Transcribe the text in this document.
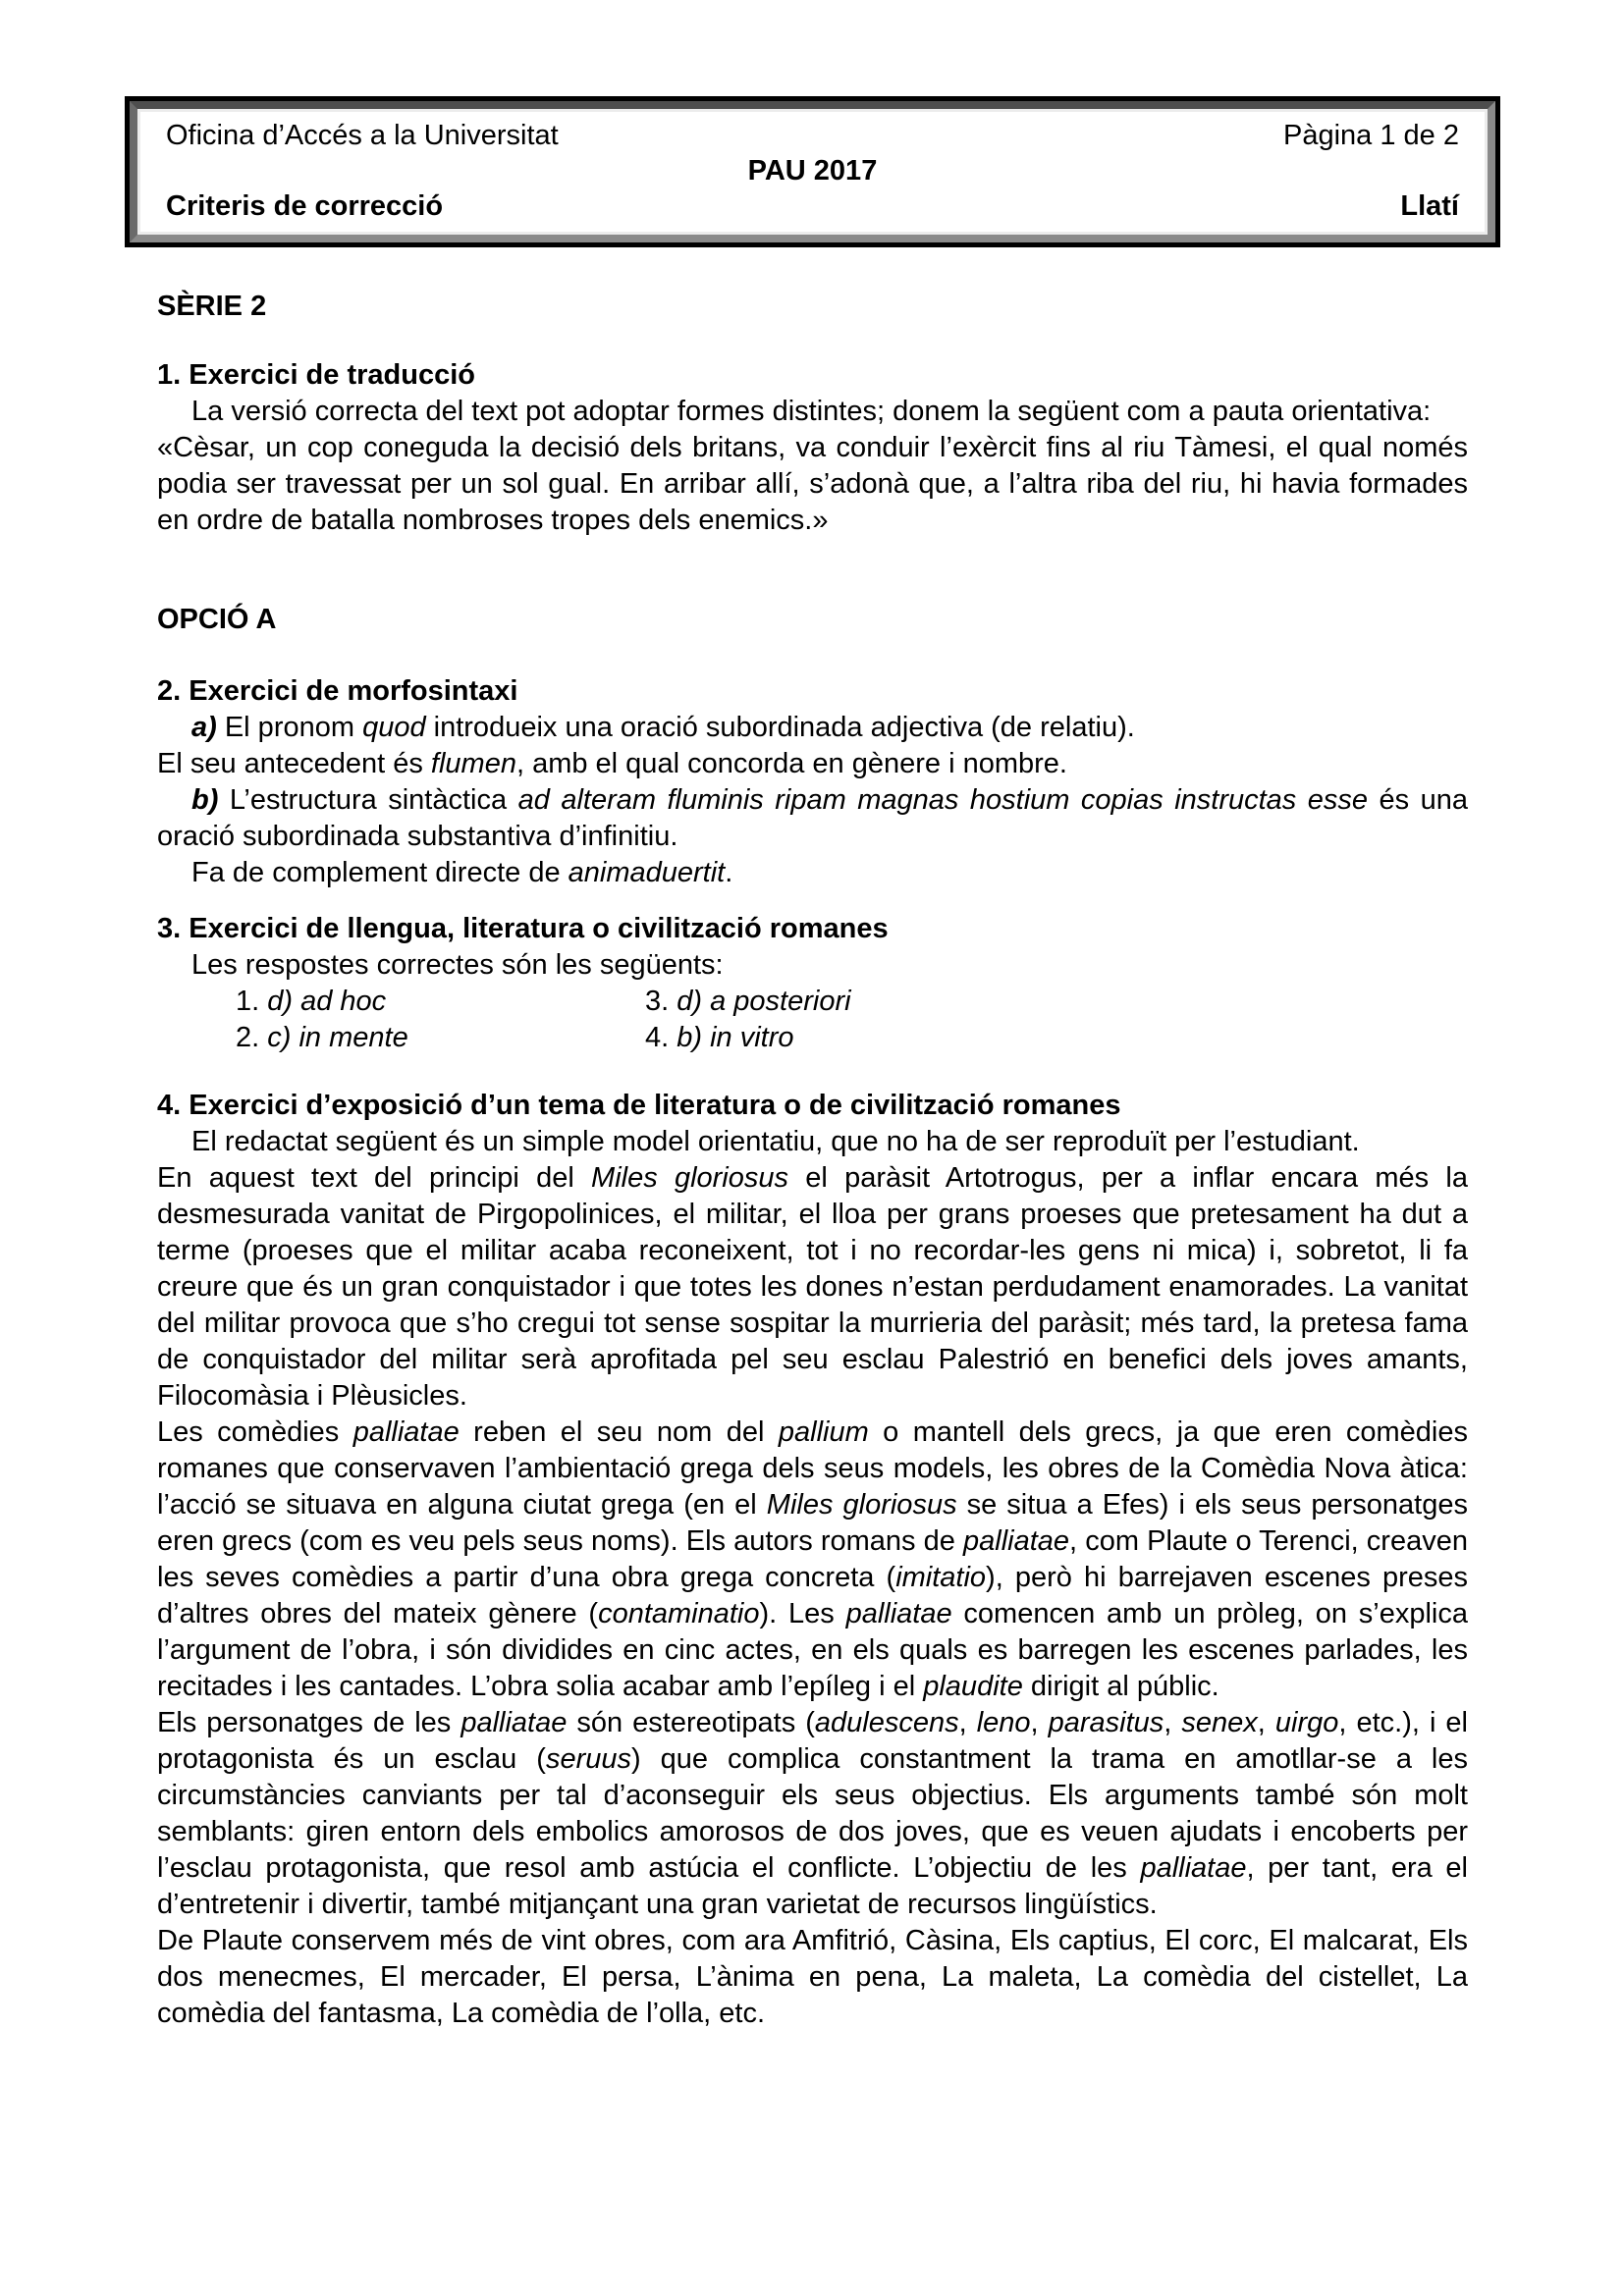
Oficina d’Accés a la Universitat	Pàgina 1 de 2
PAU 2017
Criteris de correcció	Llatí
SÈRIE 2
1. Exercici de traducció

La versió correcta del text pot adoptar formes distintes; donem la següent com a pauta orientativa:

«Cèsar, un cop coneguda la decisió dels britans, va conduir l’exèrcit fins al riu Tàmesi, el qual només podia ser travessat per un sol gual. En arribar allí, s’adonà que, a l’altra riba del riu, hi havia formades en ordre de batalla nombroses tropes dels enemics.»

OPCIÓ A
2. Exercici de morfosintaxi

a) El pronom quod introdueix una oració subordinada adjectiva (de relatiu).

El seu antecedent és flumen, amb el qual concorda en gènere i nombre.

b) L’estructura sintàctica ad alteram fluminis ripam magnas hostium copias instructas esse és una oració subordinada substantiva d’infinitiu.

Fa de complement directe de animaduertit.

3. Exercici de llengua, literatura o civilització romanes

Les respostes correctes són les següents:

1. d) ad hoc	3. d) a posteriori
2. c) in mente	4. b) in vitro
4. Exercici d’exposició d’un tema de literatura o de civilització romanes

El redactat següent és un simple model orientatiu, que no ha de ser reproduït per l’estudiant.

En aquest text del principi del Miles gloriosus el paràsit Artotrogus, per a inflar encara més la desmesurada vanitat de Pirgopolinices, el militar, el lloa per grans proeses que pretesament ha dut a terme (proeses que el militar acaba reconeixent, tot i no recordar-les gens ni mica) i, sobretot, li fa creure que és un gran conquistador i que totes les dones n’estan perdudament enamorades. La vanitat del militar provoca que s’ho cregui tot sense sospitar la murrieria del paràsit; més tard, la pretesa fama de conquistador del militar serà aprofitada pel seu esclau Palestrió en benefici dels joves amants, Filocomàsia i Plèusicles.

Les comèdies palliatae reben el seu nom del pallium o mantell dels grecs, ja que eren comèdies romanes que conservaven l’ambientació grega dels seus models, les obres de la Comèdia Nova àtica: l’acció se situava en alguna ciutat grega (en el Miles gloriosus se situa a Efes) i els seus personatges eren grecs (com es veu pels seus noms). Els autors romans de palliatae, com Plaute o Terenci, creaven les seves comèdies a partir d’una obra grega concreta (imitatio), però hi barrejaven escenes preses d’altres obres del mateix gènere (contaminatio). Les palliatae comencen amb un pròleg, on s’explica l’argument de l’obra, i són dividides en cinc actes, en els quals es barregen les escenes parlades, les recitades i les cantades. L’obra solia acabar amb l’epíleg i el plaudite dirigit al públic.

Els personatges de les palliatae són estereotipats (adulescens, leno, parasitus, senex, uirgo, etc.), i el protagonista és un esclau (seruus) que complica constantment la trama en amotllar-se a les circumstàncies canviants per tal d’aconseguir els seus objectius. Els arguments també són molt semblants: giren entorn dels embolics amorosos de dos joves, que es veuen ajudats i encoberts per l’esclau protagonista, que resol amb astúcia el conflicte. L’objectiu de les palliatae, per tant, era el d’entretenir i divertir, també mitjançant una gran varietat de recursos lingüístics.

De Plaute conservem més de vint obres, com ara Amfitrió, Càsina, Els captius, El corc, El malcarat, Els dos menecmes, El mercader, El persa, L’ànima en pena, La maleta, La comèdia del cistellet, La comèdia del fantasma, La comèdia de l’olla, etc.
